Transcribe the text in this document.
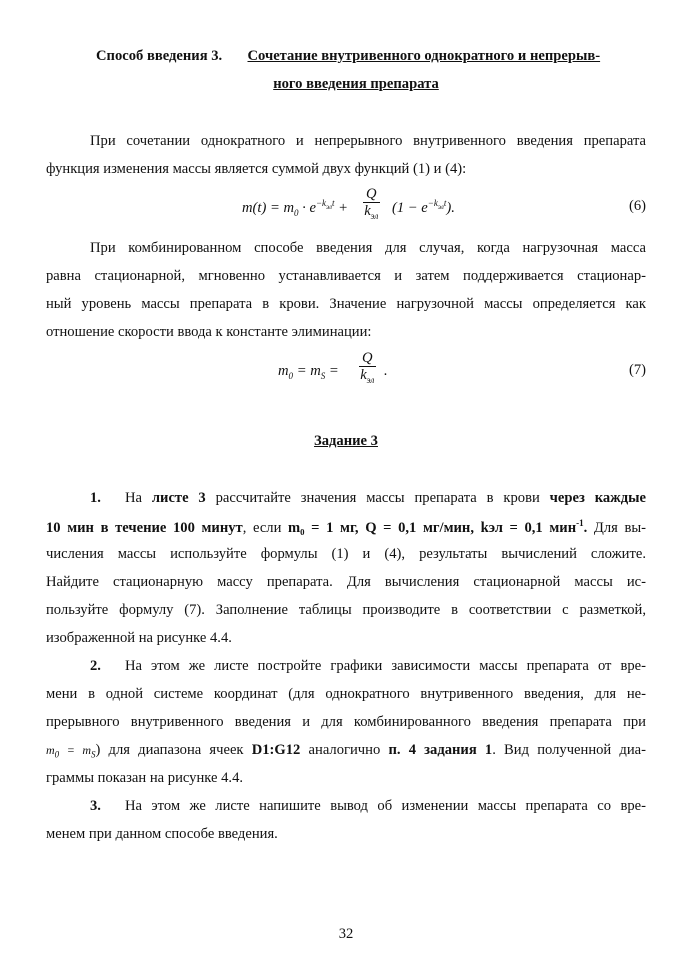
Способ введения 3. Сочетание внутривенного однократного и непрерыв-
ного введения препарата
При сочетании однократного и непрерывного внутривенного введения препарата
функция изменения массы является суммой двух функций (1) и (4):
$m(t) = m_0 \cdot e^{-k_{эл}t}$ +
Q
$k_{эл}$
$(1 - e^{-k_{эл}t})$.	(6)
При комбинированном способе введения для случая, когда нагрузочная масса
равна стационарной, мгновенно устанавливается и затем поддерживается стационар-
ный уровень массы препарата в крови. Значение нагрузочной массы определяется как
отношение скорости ввода к константе элиминации:
$m_0 = m_S$ =
Q
$k_{эл}$
.	(7)
Задание 3
1. На листе 3 рассчитайте значения массы препарата в крови через каждые
10 мин в течение 100 минут, если m₀ = 1 мг, Q = 0,1 мг/мин, kэл = 0,1 мин$^{-1}$. Для вы-
числения массы используйте формулы (1) и (4), результаты вычислений сложите.
Найдите стационарную массу препарата. Для вычисления стационарной массы ис-
пользуйте формулу (7). Заполнение таблицы производите в соответствии с разметкой,
изображенной на рисунке 4.4.
2. На этом же листе постройте графики зависимости массы препарата от вре-
мени в одной системе координат (для однократного внутривенного введения, для не-
прерывного внутривенного введения и для комбинированного введения препарата при
$m_0 = m_S$) для диапазона ячеек D1:G12 аналогично п. 4 задания 1. Вид полученной диа-
граммы показан на рисунке 4.4.
3. На этом же листе напишите вывод об изменении массы препарата со вре-
менем при данном способе введения.
32
